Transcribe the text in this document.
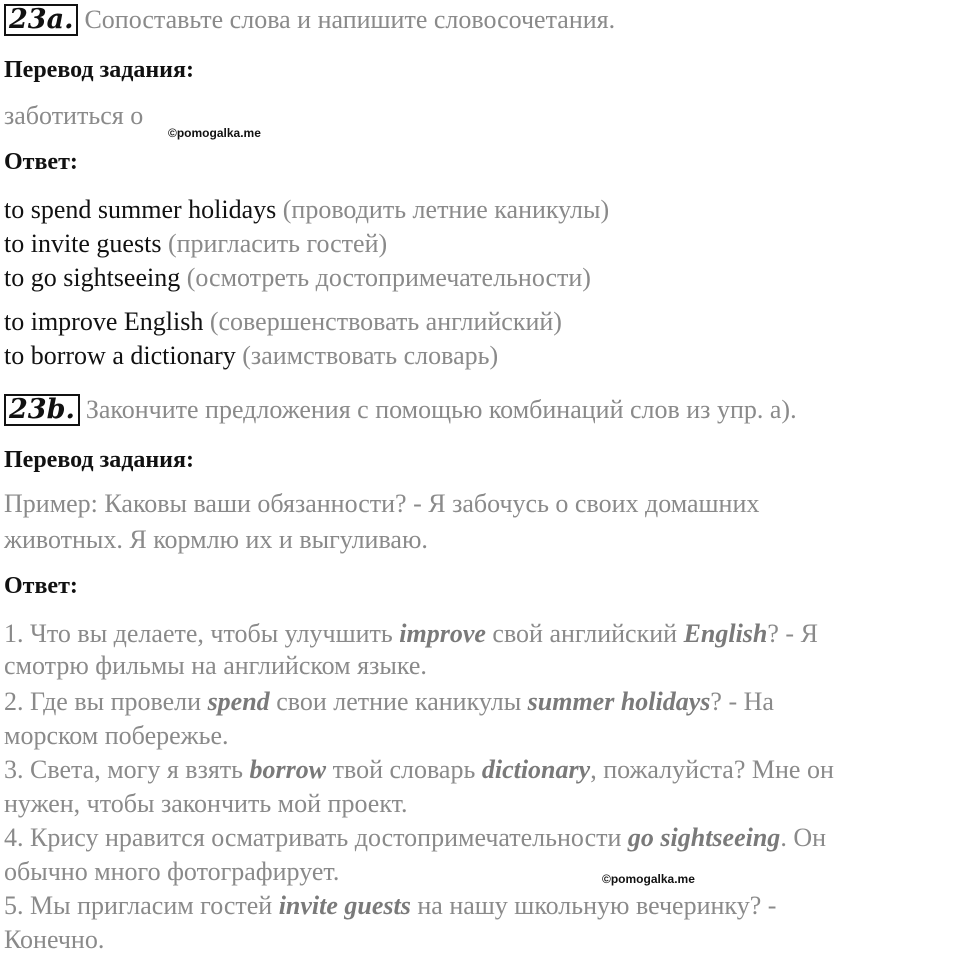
23a. Сопоставьте слова и напишите словосочетания.
Перевод задания:
заботиться о
©pomogalka.me
Ответ:
to spend summer holidays (проводить летние каникулы)
to invite guests (пригласить гостей)
to go sightseeing (осмотреть достопримечательности)
to improve English (совершенствовать английский)
to borrow a dictionary (заимствовать словарь)
23b. Закончите предложения с помощью комбинаций слов из упр. а).
Перевод задания:
Пример: Каковы ваши обязанности? - Я забочусь о своих домашних
животных. Я кормлю их и выгуливаю.
Ответ:
1. Что вы делаете, чтобы улучшить improve свой английский English? - Я
смотрю фильмы на английском языке.
2. Где вы провели spend свои летние каникулы summer holidays? - На
морском побережье.
3. Света, могу я взять borrow твой словарь dictionary, пожалуйста? Мне он
нужен, чтобы закончить мой проект.
4. Крису нравится осматривать достопримечательности go sightseeing. Он
обычно много фотографирует.	©pomogalka.me
5. Мы пригласим гостей invite guests на нашу школьную вечеринку? -
Конечно.
